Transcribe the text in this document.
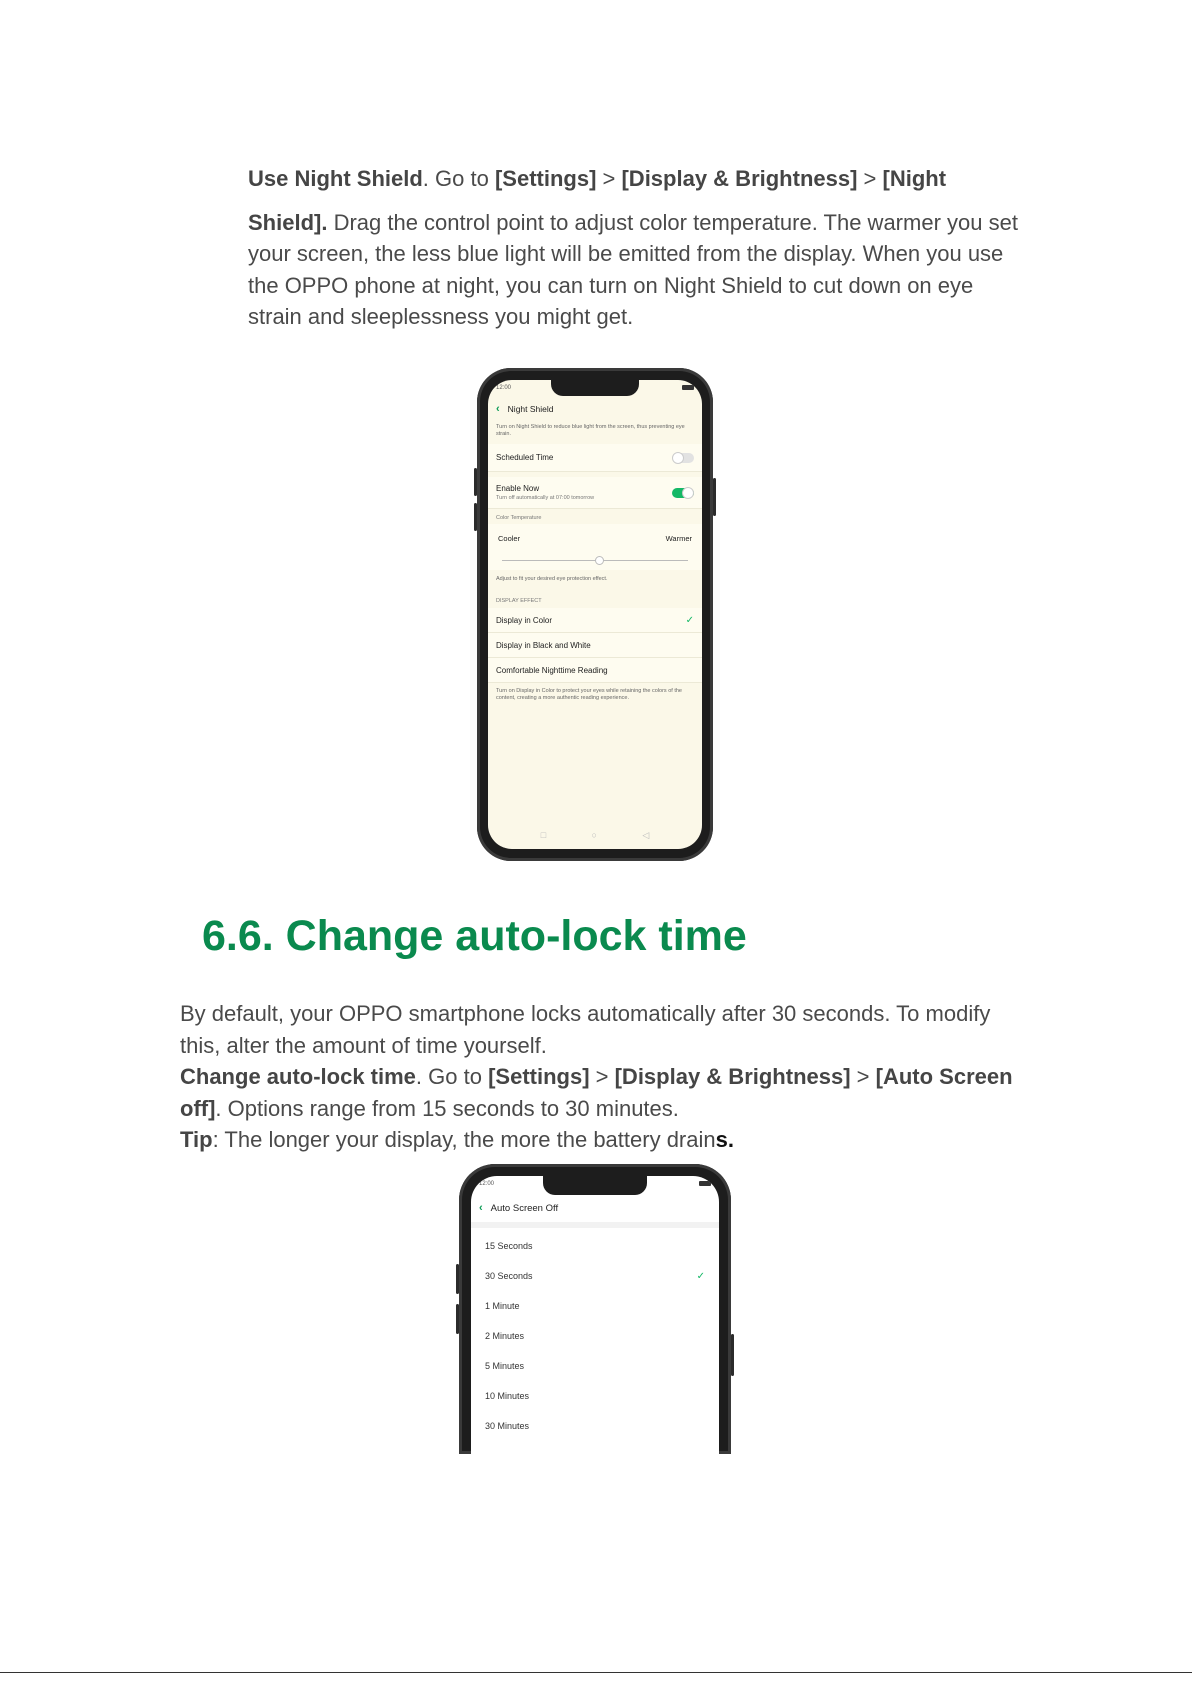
Use Night Shield. Go to [Settings] > [Display & Brightness] > [Night
Shield]. Drag the control point to adjust color temperature. The warmer you set your screen, the less blue light will be emitted from the display. When you use the OPPO phone at night, you can turn on Night Shield to cut down on eye strain and sleeplessness you might get.
12:00
‹ Night Shield
Turn on Night Shield to reduce blue light from the screen, thus preventing eye strain.
Scheduled Time
Enable Now
Turn off automatically at 07:00 tomorrow
Color Temperature
Cooler	Warmer
Adjust to fit your desired eye protection effect.
DISPLAY EFFECT
Display in Color	✓
Display in Black and White
Comfortable Nighttime Reading
Turn on Display in Color to protect your eyes while retaining the colors of the content, creating a more authentic reading experience.
□	○	◁
6.6. Change auto-lock time
By default, your OPPO smartphone locks automatically after 30 seconds. To modify this, alter the amount of time yourself.
Change auto-lock time. Go to [Settings] > [Display & Brightness] > [Auto Screen off]. Options range from 15 seconds to 30 minutes.
Tip: The longer your display, the more the battery drains.
12:00
‹ Auto Screen Off
15 Seconds
30 Seconds	✓
1 Minute
2 Minutes
5 Minutes
10 Minutes
30 Minutes
